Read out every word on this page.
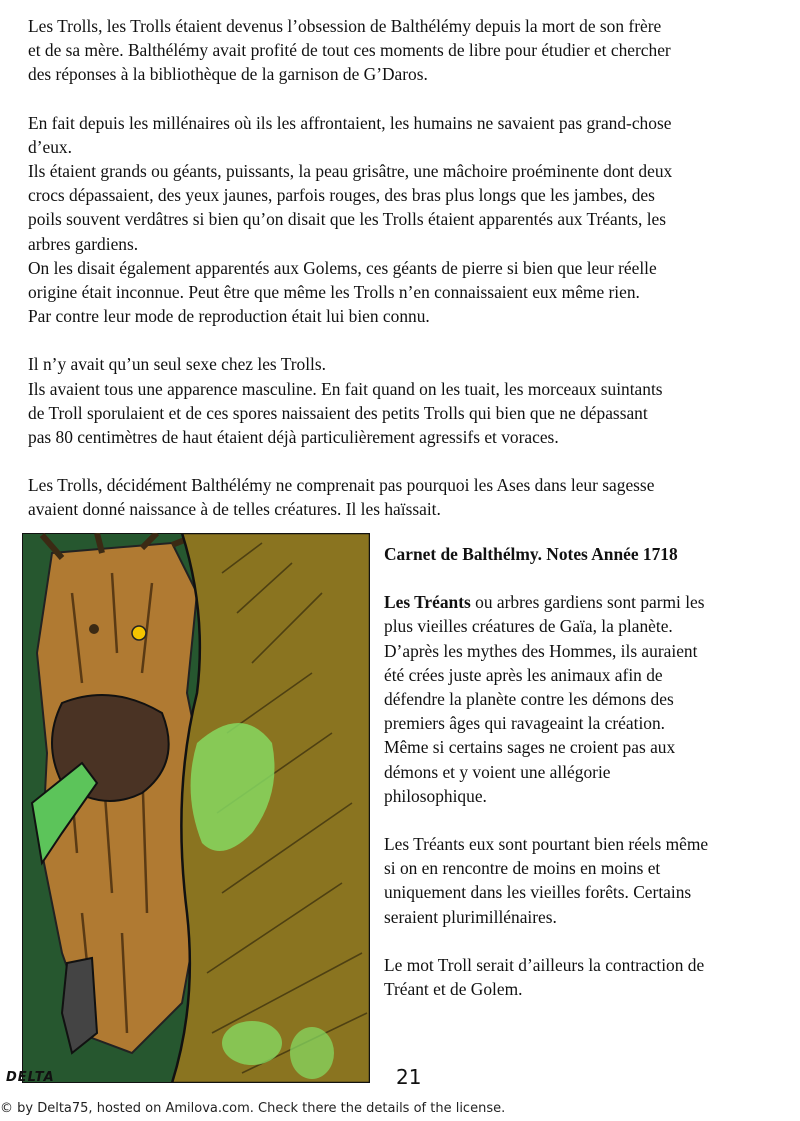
Les Trolls, les Trolls étaient devenus l’obsession de Balthélémy depuis la mort de son frère

et de sa mère. Balthélémy avait profité de tout ces moments de libre pour étudier et chercher

des réponses à la bibliothèque de la garnison de G’Daros.

En fait depuis les millénaires où ils les affrontaient, les humains ne savaient pas grand-chose

d’eux.

Ils étaient grands ou géants, puissants, la peau grisâtre, une mâchoire proéminente dont deux

crocs dépassaient, des yeux jaunes, parfois rouges, des bras plus longs que les jambes, des

poils souvent verdâtres si bien qu’on disait que les Trolls étaient apparentés aux Tréants, les

arbres gardiens.

On les disait également apparentés aux Golems, ces géants de pierre si bien que leur réelle

origine était inconnue. Peut être que même les Trolls n’en connaissaient eux même rien.

Par contre leur mode de reproduction était lui bien connu.

Il n’y avait qu’un seul sexe chez les Trolls.

Ils avaient tous une apparence masculine. En fait quand on les tuait, les morceaux suintants

de Troll sporulaient et de ces spores naissaient des petits Trolls qui bien que ne dépassant

pas 80 centimètres de haut étaient déjà particulièrement agressifs et voraces.

Les Trolls, décidément Balthélémy ne comprenait pas pourquoi les Ases dans leur sagesse

avaient donné naissance à de telles créatures. Il les haïssait.

Carnet de Balthélmy. Notes Année 1718

Les Tréants ou arbres gardiens sont parmi les

plus vieilles créatures de Gaïa, la planète.

D’après les mythes des Hommes, ils auraient

été crées juste après les animaux afin de

défendre la planète contre les démons des

premiers âges qui ravageaint la création.

Même si certains sages ne croient pas aux

démons et y voient une allégorie

philosophique.

Les Tréants eux sont pourtant bien réels même

si on en rencontre de moins en moins et

uniquement dans les vieilles forêts. Certains

seraient plurimillénaires.

Le mot Troll serait d’ailleurs la contraction de

Tréant et de Golem.

DELTA	21
© by Delta75, hosted on Amilova.com. Check there the details of the license.
